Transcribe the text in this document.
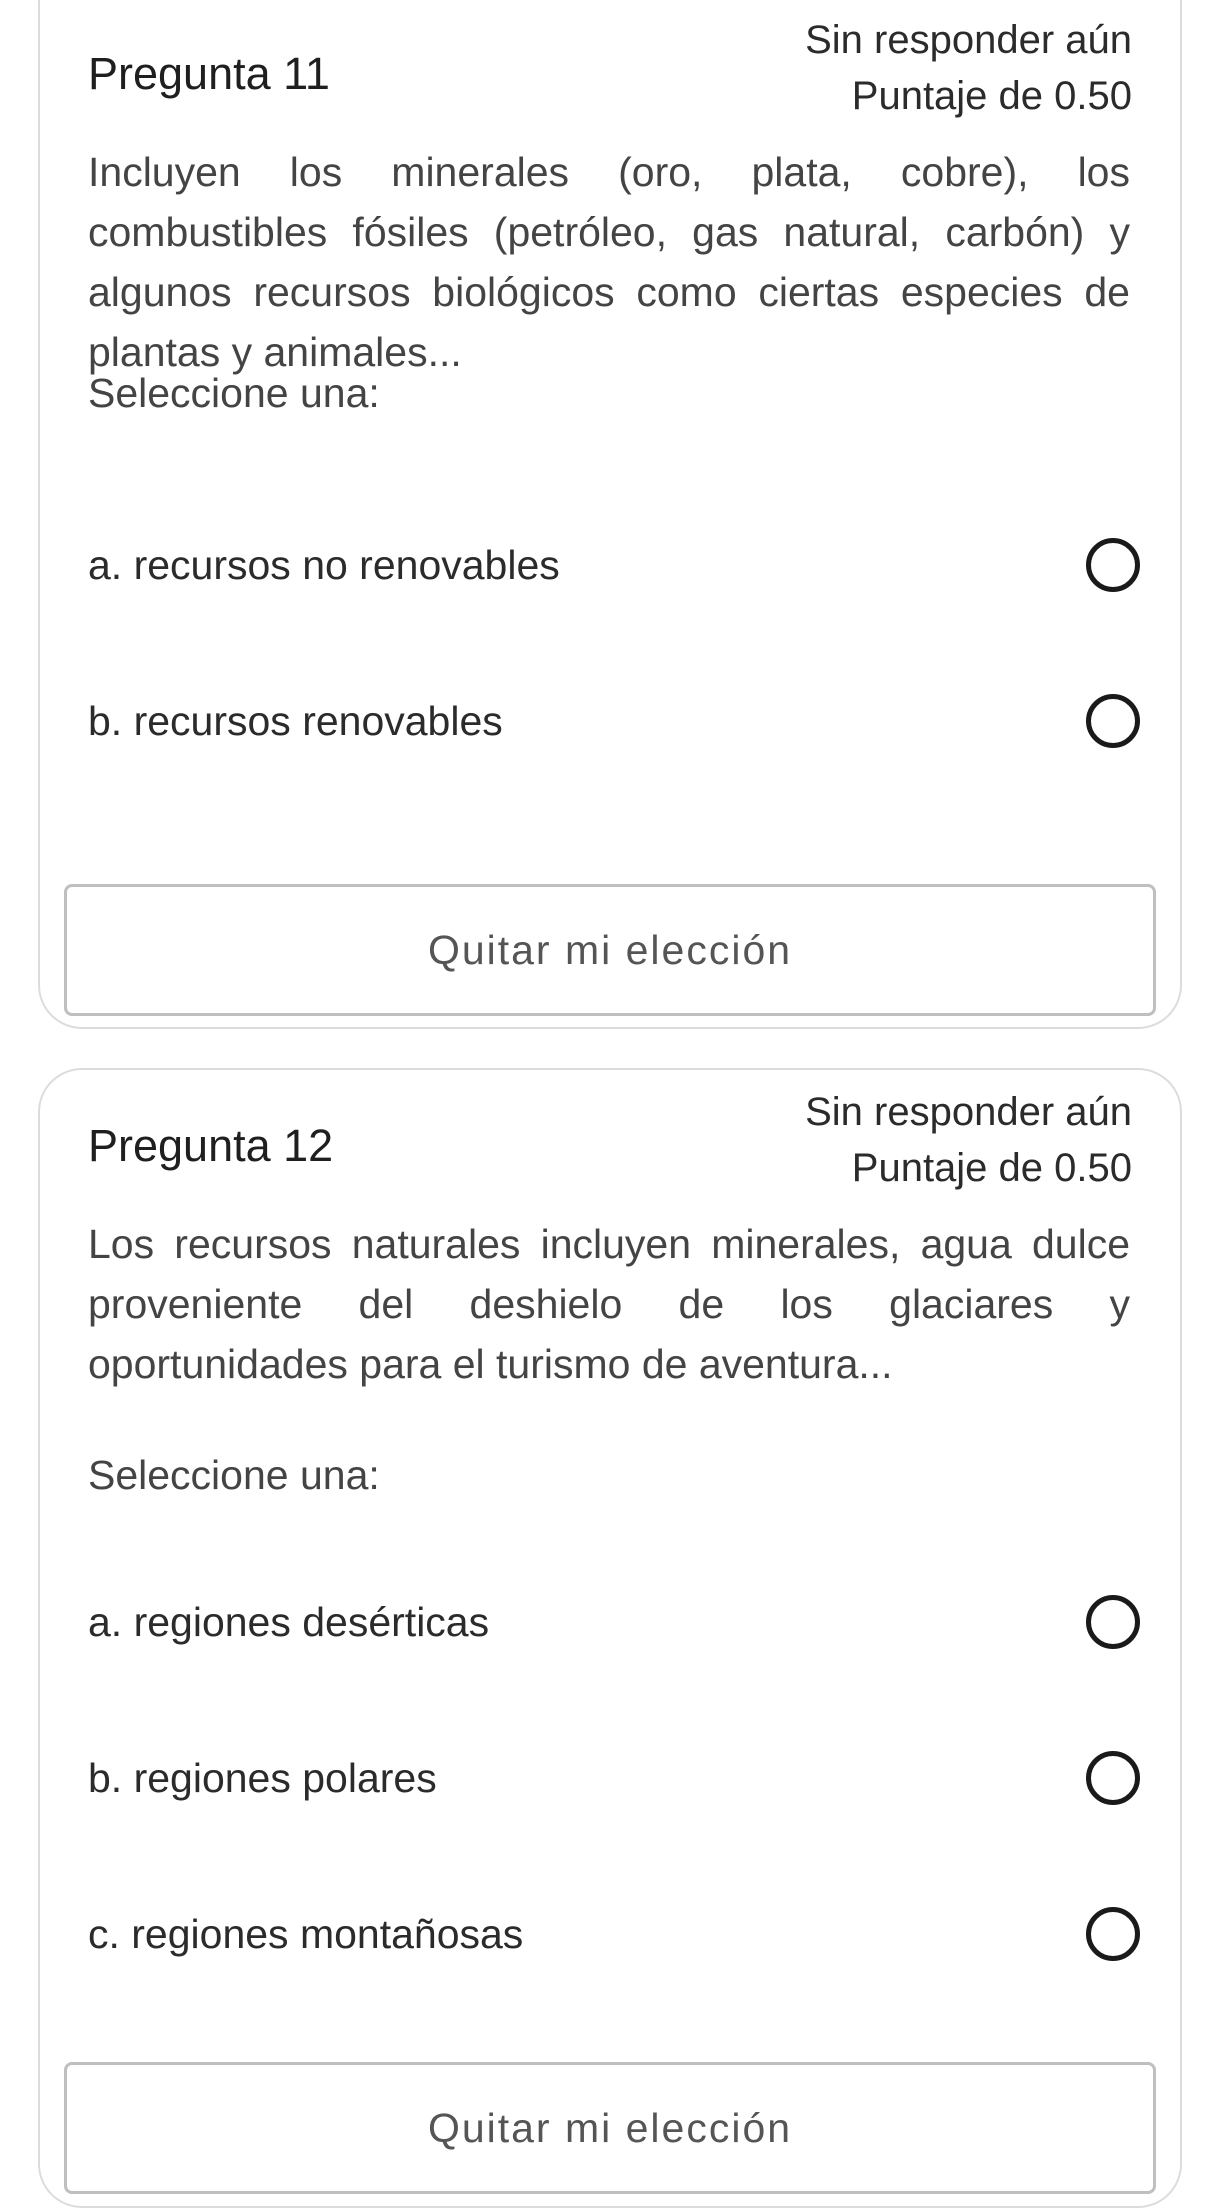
Pregunta 11
Sin responder aún
Puntaje de 0.50

Incluyen los minerales (oro, plata, cobre), los combustibles fósiles (petróleo, gas natural, carbón) y algunos recursos biológicos como ciertas especies de plantas y animales...

Seleccione una:
a. recursos no renovables
b. recursos renovables
Quitar mi elección
Pregunta 12
Sin responder aún
Puntaje de 0.50

Los recursos naturales incluyen minerales, agua dulce proveniente del deshielo de los glaciares y oportunidades para el turismo de aventura...

Seleccione una:
a. regiones desérticas
b. regiones polares
c. regiones montañosas
Quitar mi elección
